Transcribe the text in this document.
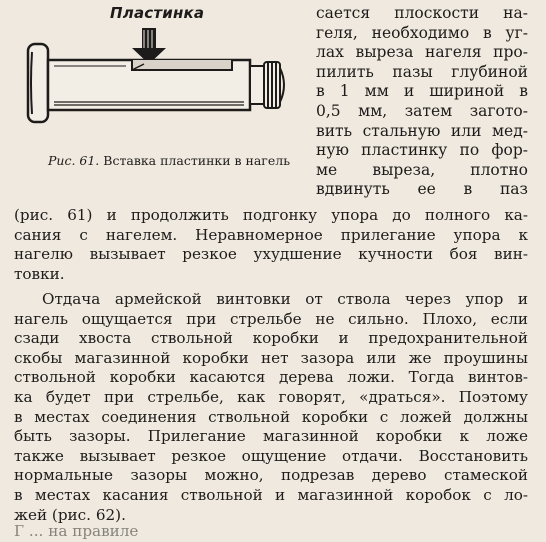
Пластинка
Рис. 61. Вставка пластинки в нагель
сается плоскости на-
геля, необходимо в уг-
лах выреза нагеля про-
пилить пазы глубиной
в 1 мм и шириной в
0,5 мм, затем загото-
вить стальную или мед-
ную пластинку по фор-
ме выреза, плотно
вдвинуть ее в паз
(рис. 61) и продолжить подгонку упора до полного ка-
сания с нагелем. Неравномерное прилегание упора к
нагелю вызывает резкое ухудшение кучности боя вин-
товки.
Отдача армейской винтовки от ствола через упор и
нагель ощущается при стрельбе не сильно. Плохо, если
сзади хвоста ствольной коробки и предохранительной
скобы магазинной коробки нет зазора или же проушины
ствольной коробки касаются дерева ложи. Тогда винтов-
ка будет при стрельбе, как говорят, «драться». Поэтому
в местах соединения ствольной коробки с ложей должны
быть зазоры. Прилегание магазинной коробки к ложе
также вызывает резкое ощущение отдачи. Восстановить
нормальные зазоры можно, подрезав дерево стамеской
в местах касания ствольной и магазинной коробок с ло-
жей (рис. 62).
Г ... на правиле
